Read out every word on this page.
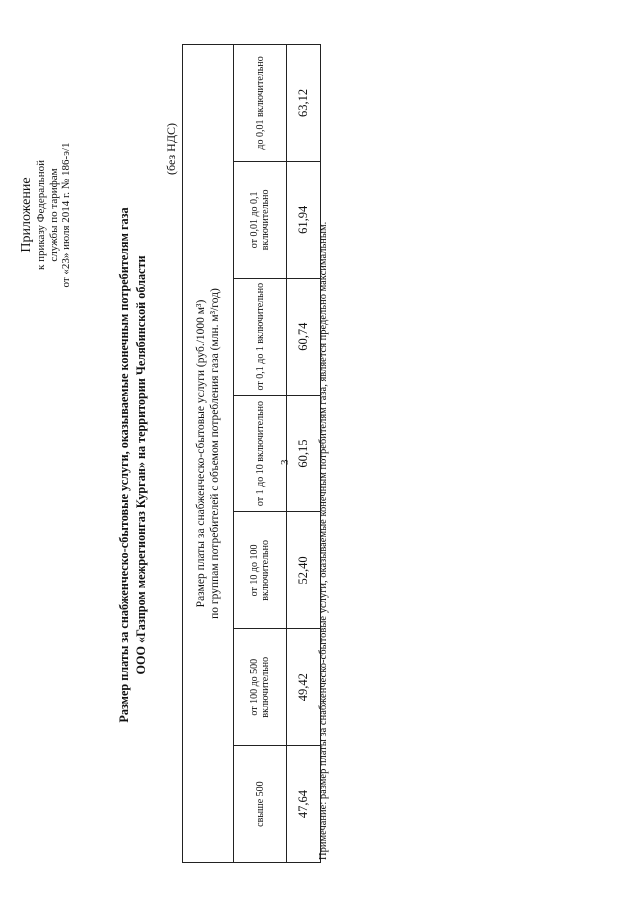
Приложение к приказу Федеральной службы по тарифам от «23» июля 2014 г. № 186-э/1	Размер платы за снабженческо-сбытовые услуги, оказываемые конечным потребителям газа ООО «Газпром межрегионгаз Курган» на территории Челябинской области
(без НДС)
Размер платы за снабженческо-сбытовые услуги (руб./1000 м³) по группам потребителей с объемом потребления газа (млн. м³/год)						

свыше 500	от 100 до 500 включительно	от 10 до 100 включительно	от 1 до 10 включительно	от 0,1 до 1 включительно	от 0,01 до 0,1 включительно	до 0,01 включительно
47,64	49,42	52,40	60,15	60,74	61,94	63,12
3	Примечание: размер платы за снабженческо-сбытовые услуги, оказываемые конечным потребителям газа, является предельно максимальным.
